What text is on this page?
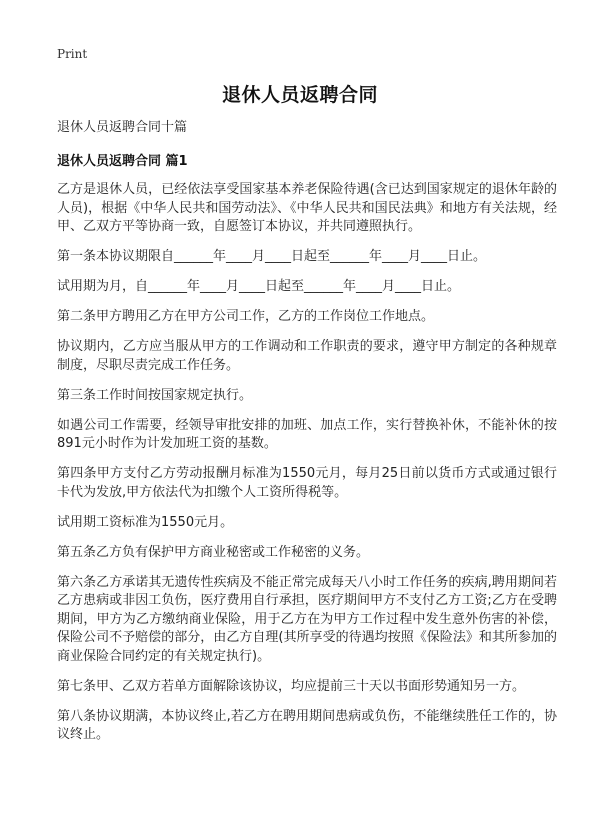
Print
退休人员返聘合同

退休人员返聘合同十篇

退休人员返聘合同 篇1

乙方是退休人员，已经依法享受国家基本养老保险待遇(含已达到国家规定的退休年龄的人员)，根据《中华人民共和国劳动法》、《中华人民共和国民法典》和地方有关法规，经甲、乙双方平等协商一致，自愿签订本协议，并共同遵照执行。

第一条本协议期限自______年____月____日起至______年____月____日止。

试用期为月，自______年____月____日起至______年____月____日止。

第二条甲方聘用乙方在甲方公司工作，乙方的工作岗位工作地点。

协议期内，乙方应当服从甲方的工作调动和工作职责的要求，遵守甲方制定的各种规章制度，尽职尽责完成工作任务。

第三条工作时间按国家规定执行。

如遇公司工作需要，经领导审批安排的加班、加点工作，实行替换补休，不能补休的按891元小时作为计发加班工资的基数。

第四条甲方支付乙方劳动报酬月标准为1550元月，每月25日前以货币方式或通过银行卡代为发放,甲方依法代为扣缴个人工资所得税等。

试用期工资标准为1550元月。

第五条乙方负有保护甲方商业秘密或工作秘密的义务。

第六条乙方承诺其无遗传性疾病及不能正常完成每天八小时工作任务的疾病,聘用期间若乙方患病或非因工负伤，医疗费用自行承担，医疗期间甲方不支付乙方工资;乙方在受聘期间，甲方为乙方缴纳商业保险，用于乙方在为甲方工作过程中发生意外伤害的补偿，保险公司不予赔偿的部分，由乙方自理(其所享受的待遇均按照《保险法》和其所参加的商业保险合同约定的有关规定执行)。

第七条甲、乙双方若单方面解除该协议，均应提前三十天以书面形势通知另一方。

第八条协议期满，本协议终止,若乙方在聘用期间患病或负伤，不能继续胜任工作的，协议终止。
